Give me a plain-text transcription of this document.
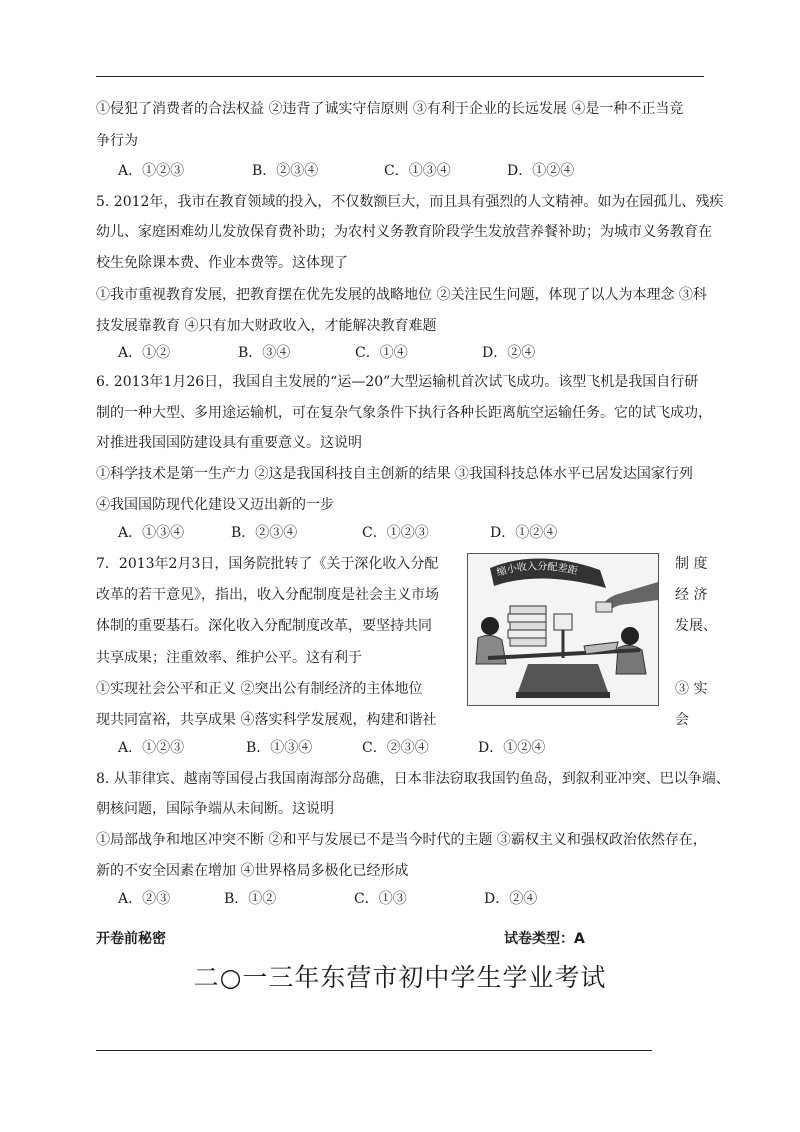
①侵犯了消费者的合法权益 ②违背了诚实守信原则 ③有利于企业的长远发展 ④是一种不正当竞
争行为
A．①②③	B．②③④	C．①③④	D．①②④
5. 2012年，我市在教育领域的投入，不仅数额巨大，而且具有强烈的人文精神。如为在园孤儿、残疾
幼儿、家庭困难幼儿发放保育费补助；为农村义务教育阶段学生发放营养餐补助；为城市义务教育在
校生免除课本费、作业本费等。这体现了
①我市重视教育发展，把教育摆在优先发展的战略地位 ②关注民生问题，体现了以人为本理念 ③科
技发展靠教育 ④只有加大财政收入，才能解决教育难题
A．①②	B．③④	C．①④	D．②④
6. 2013年1月26日，我国自主发展的“运—20”大型运输机首次试飞成功。该型飞机是我国自行研
制的一种大型、多用途运输机，可在复杂气象条件下执行各种长距离航空运输任务。它的试飞成功，
对推进我国国防建设具有重要意义。这说明
①科学技术是第一生产力 ②这是我国科技自主创新的结果 ③我国科技总体水平已居发达国家行列
④我国国防现代化建设又迈出新的一步
A．①③④	B．②③④	C．①②③	D．①②④
7．2013年2月3日，国务院批转了《关于深化收入分配
改革的若干意见》，指出，收入分配制度是社会主义市场
体制的重要基石。深化收入分配制度改革，要坚持共同
共享成果；注重效率、维护公平。这有利于
①实现社会公平和正义 ②突出公有制经济的主体地位
现共同富裕，共享成果 ④落实科学发展观，构建和谐社
制 度
经 济
发展、
③ 实
会
缩小收入分配差距
A．①②③	B．①③④	C．②③④	D．①②④
8. 从菲律宾、越南等国侵占我国南海部分岛礁，日本非法窃取我国钓鱼岛，到叙利亚冲突、巴以争端、
朝核问题，国际争端从未间断。这说明
①局部战争和地区冲突不断 ②和平与发展已不是当今时代的主题 ③霸权主义和强权政治依然存在，
新的不安全因素在增加 ④世界格局多极化已经形成
A．②③	B．①②	C．①③	D．②④
开卷前秘密	试卷类型：A
二○一三年东营市初中学生学业考试
